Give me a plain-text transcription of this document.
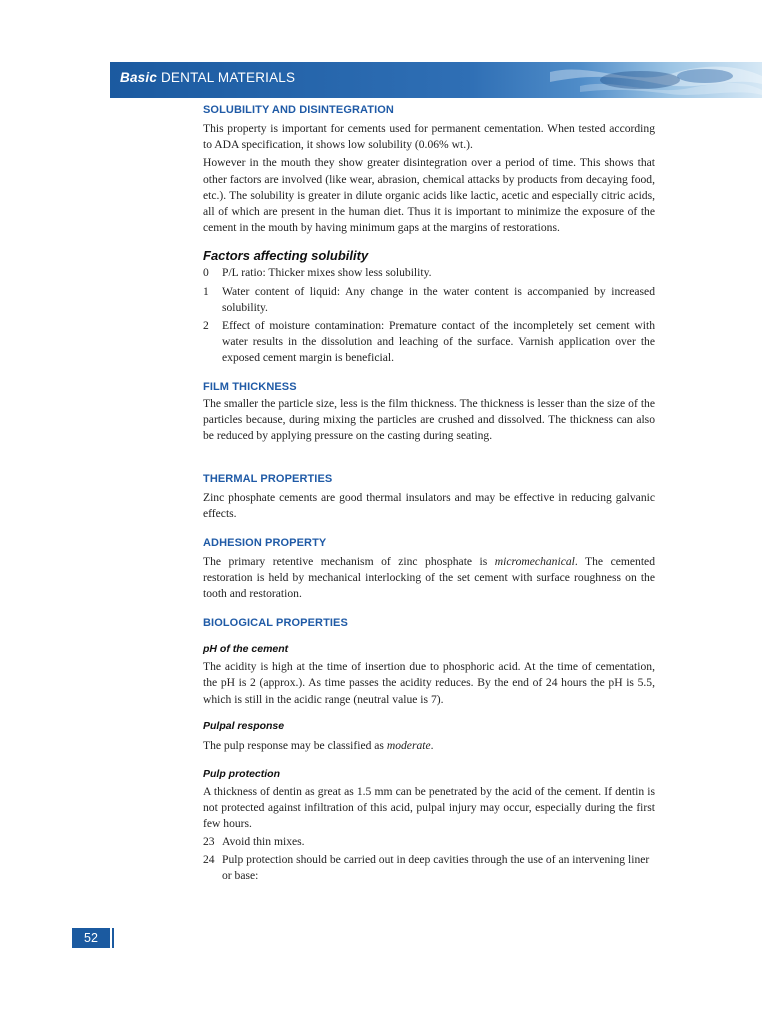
Basic DENTAL MATERIALS
SOLUBILITY AND DISINTEGRATION

This property is important for cements used for permanent cementation. When tested according to ADA specification, it shows low solubility (0.06% wt.).

However in the mouth they show greater disintegration over a period of time. This shows that other factors are involved (like wear, abrasion, chemical attacks by products from decaying food, etc.). The solubility is greater in dilute organic acids like lactic, acetic and especially citric acids, all of which are present in the human diet. Thus it is important to minimize the exposure of the cement in the mouth by having minimum gaps at the margins of restorations.

Factors affecting solubility
0 P/L ratio: Thicker mixes show less solubility.
1 Water content of liquid: Any change in the water content is accompanied by increased solubility.
2 Effect of moisture contamination: Premature contact of the incompletely set cement with water results in the dissolution and leaching of the surface. Varnish application over the exposed cement margin is beneficial.
FILM THICKNESS

The smaller the particle size, less is the film thickness. The thickness is lesser than the size of the particles because, during mixing the particles are crushed and dissolved. The thickness can also be reduced by applying pressure on the casting during seating.

THERMAL PROPERTIES

Zinc phosphate cements are good thermal insulators and may be effective in reducing galvanic effects.

ADHESION PROPERTY

The primary retentive mechanism of zinc phosphate is micromechanical. The cemented restoration is held by mechanical interlocking of the set cement with surface roughness on the tooth and restoration.

BIOLOGICAL PROPERTIES
pH of the cement

The acidity is high at the time of insertion due to phosphoric acid. At the time of cementation, the pH is 2 (approx.). As time passes the acidity reduces. By the end of 24 hours the pH is 5.5, which is still in the acidic range (neutral value is 7).

Pulpal response

The pulp response may be classified as moderate.

Pulp protection

A thickness of dentin as great as 1.5 mm can be penetrated by the acid of the cement. If dentin is not protected against infiltration of this acid, pulpal injury may occur, especially during the first few hours.

23 Avoid thin mixes.
24 Pulp protection should be carried out in deep cavities through the use of an intervening liner or base:
52
